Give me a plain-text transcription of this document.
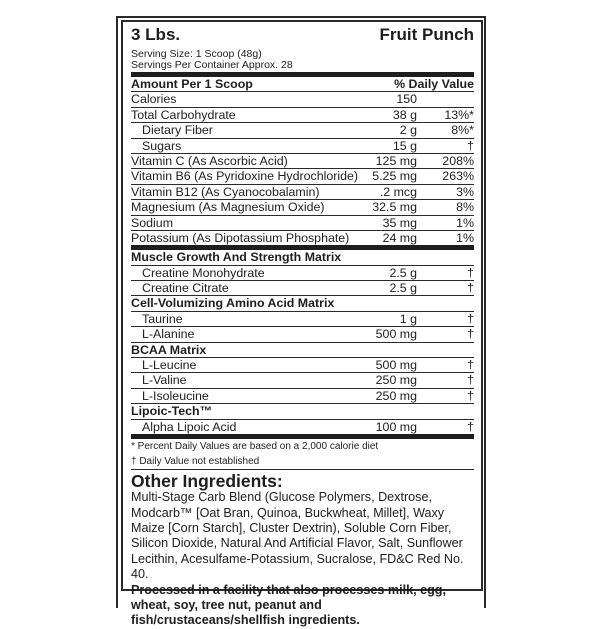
3 Lbs.	Fruit Punch
Serving Size: 1 Scoop (48g)
Servings Per Container Approx. 28
Amount Per 1 Scoop	% Daily Value
Calories	150
Total Carbohydrate	38 g 13%*
Dietary Fiber	2 g	8%*
Sugars	15 g	†
Vitamin C (As Ascorbic Acid)	125 mg 208%
Vitamin B6 (As Pyridoxine Hydrochloride) 5.25 mg 263%
Vitamin B12 (As Cyanocobalamin)	.2 mcg	3%
Magnesium (As Magnesium Oxide)	32.5 mg	8%
Sodium	35 mg	1%
Potassium (As Dipotassium Phosphate)	24 mg	1%
Muscle Growth And Strength Matrix
Creatine Monohydrate	2.5 g	†
Creatine Citrate	2.5 g	†
Cell-Volumizing Amino Acid Matrix
Taurine	1 g	†
L-Alanine	500 mg	†
BCAA Matrix
L-Leucine	500 mg	†
L-Valine	250 mg	†
L-Isoleucine	250 mg	†
Lipoic-Tech™
Alpha Lipoic Acid	100 mg	†
* Percent Daily Values are based on a 2,000 calorie diet
† Daily Value not established
Other Ingredients:
Multi-Stage Carb Blend (Glucose Polymers, Dextrose, Modcarb™ [Oat Bran, Quinoa, Buckwheat, Millet], Waxy Maize [Corn Starch], Cluster Dextrin), Soluble Corn Fiber, Silicon Dioxide, Natural And Artificial Flavor, Salt, Sunflower Lecithin, Acesulfame-Potassium, Sucralose, FD&C Red No. 40.
Processed in a facility that also processes milk, egg, wheat, soy, tree nut, peanut and fish/crustaceans/shellfish ingredients.
